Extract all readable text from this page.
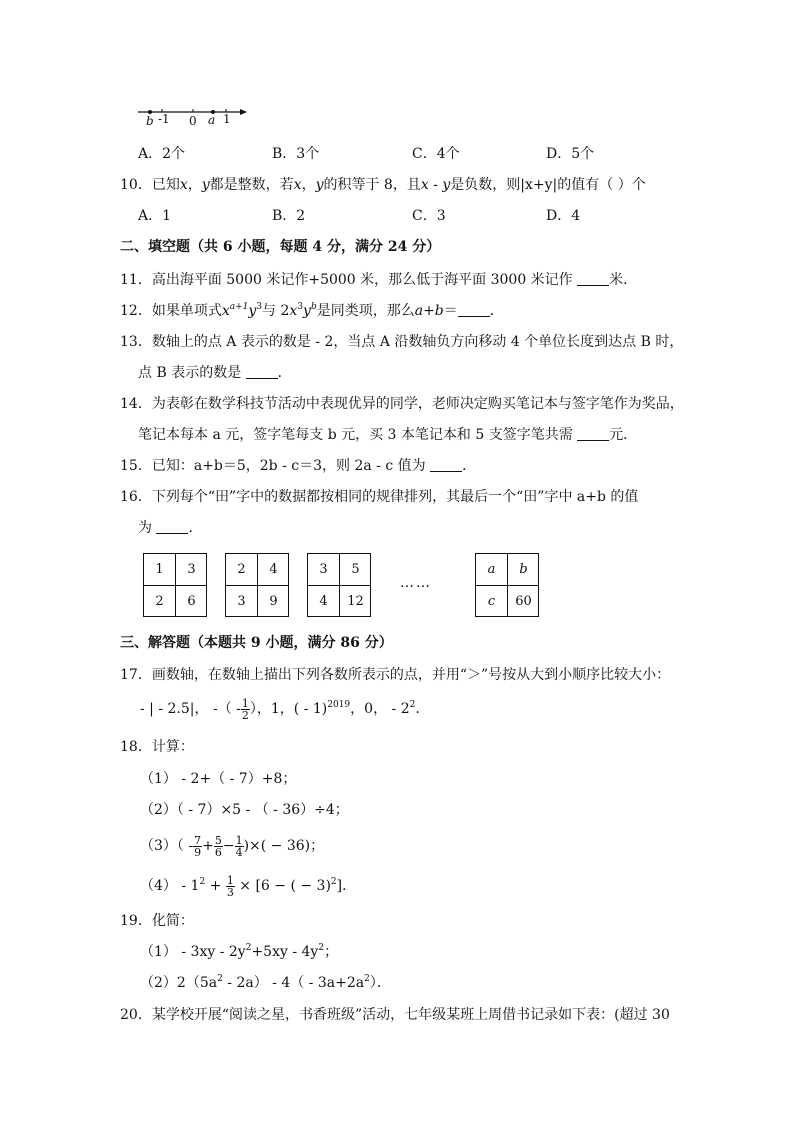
b -1 0 a 1
A．2个	B．3个	C．4个	D．5个
10．已知x，y都是整数，若x，y的积等于 8，且x - y是负数，则|x+y|的值有（ ）个
A．1	B．2	C．3	D．4
二、填空题（共 6 小题，每题 4 分，满分 24 分）
11．高出海平面 5000 米记作+5000 米，那么低于海平面 3000 米记作	米．
12．如果单项式$x^{a+1}y^3$与 $2x^3y^b$是同类项，那么a+b＝ ．
13．数轴上的点 A 表示的数是 - 2，当点 A 沿数轴负方向移动 4 个单位长度到达点 B 时，
点 B 表示的数是	．
14．为表彰在数学科技节活动中表现优异的同学，老师决定购买笔记本与签字笔作为奖品，
笔记本每本 a 元，签字笔每支 b 元，买 3 本笔记本和 5 支签字笔共需	元．
15．已知：a+b＝5，2b - c＝3，则 2a - c 值为	．
16．下列每个“田”字中的数据都按相同的规律排列，其最后一个“田”字中 a+b 的值
为	．
1	3
2	6
2	4
3	9
3	5
4	12
……
a	b
c	60
三、解答题（本题共 9 小题，满分 86 分）
17．画数轴，在数轴上描出下列各数所表示的点，并用“＞”号按从大到小顺序比较大小：
- | - 2.5|， -（ - $\frac{1}{2}$ ），1，( - 1)$^{2019}$，0， - $2^2$．
18．计算：
（1） - 2+（ - 7）+8；
（2）（ - 7）×5 - （ - 36）÷4；
$(3)( - \frac{7}{9} + \frac{5}{6} - \frac{1}{4}$ )×( − 36)；
$(4) - 1^2 + \frac{1}{3} \times [6$ − ( − 3)$^2$]．
19．化简：
$(1) - 3xy - 2y^2+5xy - 4y^2$；
$(2)2(5a^2 - 2a) - 4( - 3a+2a^2)$．
20．某学校开展“阅读之星，书香班级”活动，七年级某班上周借书记录如下表：(超过 30
